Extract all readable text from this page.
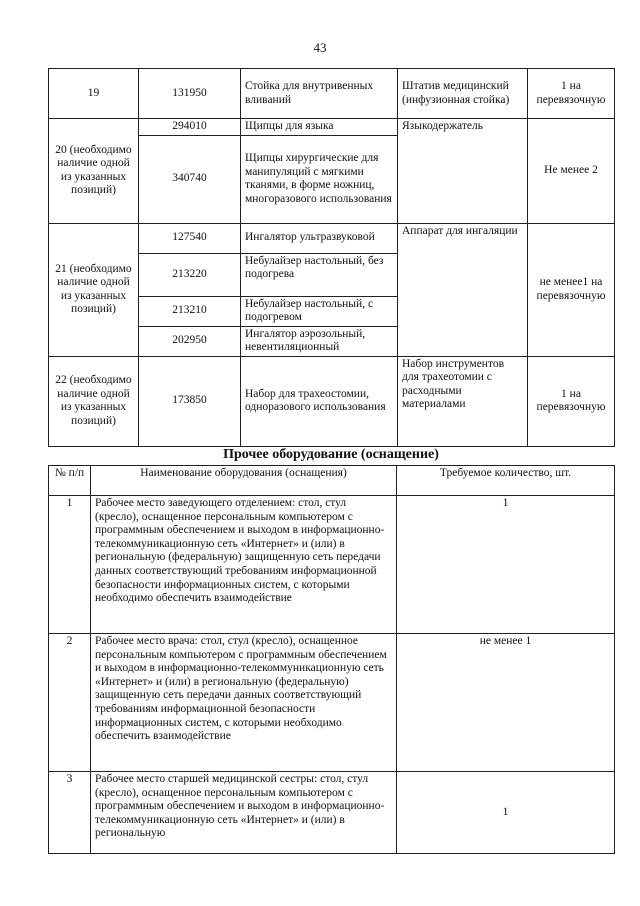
43
19	131950	Стойка для внутривенных вливаний	Штатив медицинский (инфузионная стойка)	1 на перевязочную
20 (необходимо наличие одной из указанных позиций)	294010	Щипцы для языка	Языкодержатель	Не менее 2
	340740	Щипцы хирургические для манипуляций с мягкими тканями, в форме ножниц, многоразового использования		
21 (необходимо наличие одной из указанных позиций)	127540	Ингалятор ультразвуковой	Аппарат для ингаляции	не менее1 на перевязочную
	213220	Небулайзер настольный, без подогрева		
	213210	Небулайзер настольный, с подогревом		
	202950	Ингалятор аэрозольный, невентиляционный		
22 (необходимо наличие одной из указанных позиций)	173850	Набор для трахеостомии, одноразового использования	Набор инструментов для трахеотомии с расходными материалами	1 на перевязочную
Прочее оборудование (оснащение)
№ п/п	Наименование оборудования (оснащения)	Требуемое количество, шт.
1	Рабочее место заведующего отделением: стол, стул (кресло), оснащенное персональным компьютером с программным обеспечением и выходом в информационно-телекоммуникационную сеть «Интернет» и (или) в региональную (федеральную) защищенную сеть передачи данных соответствующий требованиям информационной безопасности информационных систем, с которыми необходимо обеспечить взаимодействие	1
2	Рабочее место врача: стол, стул (кресло), оснащенное персональным компьютером с программным обеспечением и выходом в информационно-телекоммуникационную сеть «Интернет» и (или) в региональную (федеральную) защищенную сеть передачи данных соответствующий требованиям информационной безопасности информационных систем, с которыми необходимо обеспечить взаимодействие	не менее 1
3	Рабочее место старшей медицинской сестры: стол, стул (кресло), оснащенное персональным компьютером с программным обеспечением и выходом в информационно-телекоммуникационную сеть «Интернет» и (или) в региональную	1
